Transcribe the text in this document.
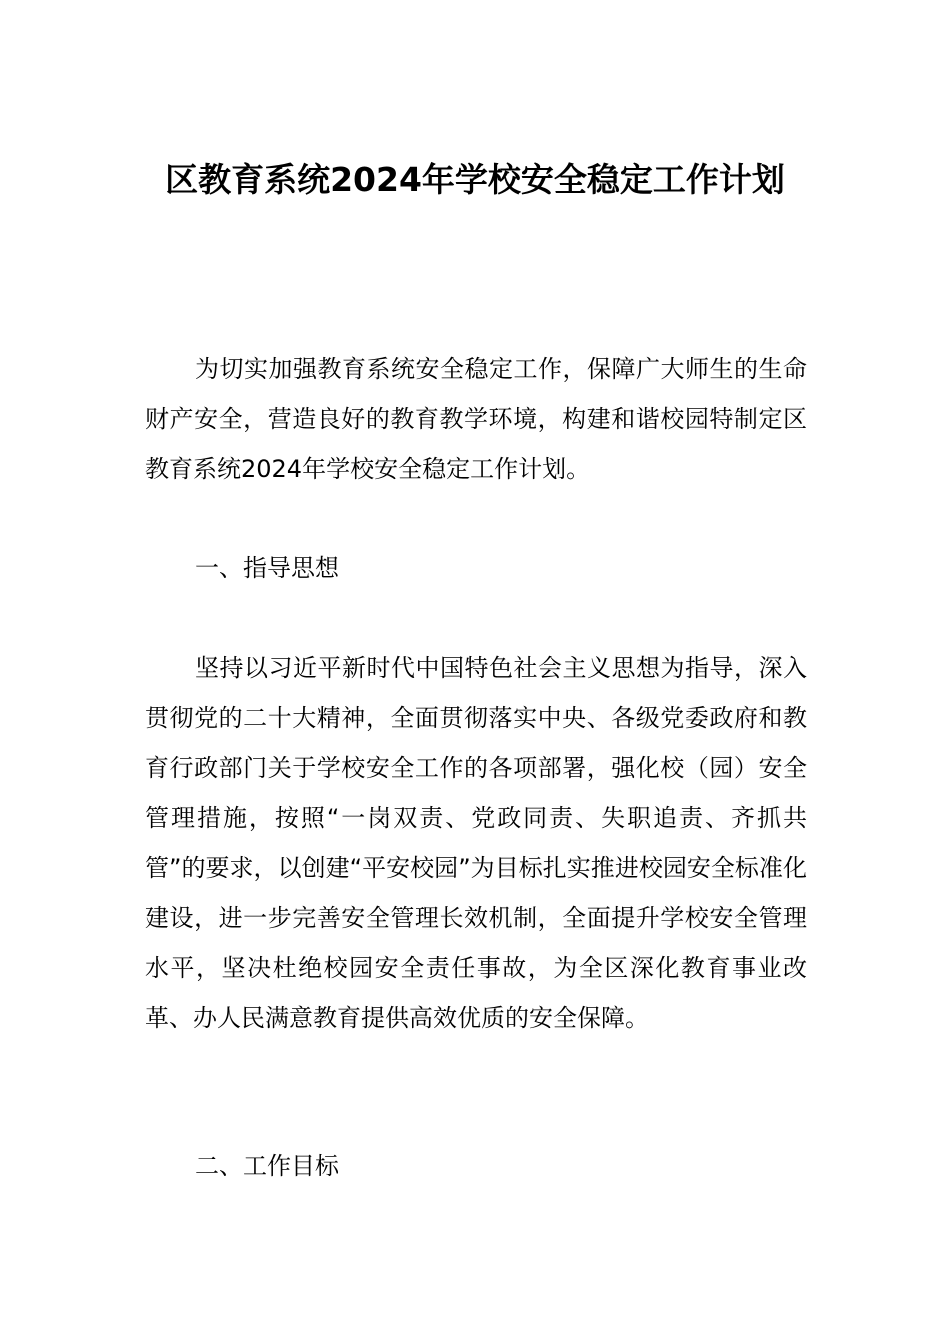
区教育系统2024年学校安全稳定工作计划

为切实加强教育系统安全稳定工作，保障广大师生的生命财产安全，营造良好的教育教学环境，构建和谐校园特制定区教育系统2024年学校安全稳定工作计划。

一、指导思想

坚持以习近平新时代中国特色社会主义思想为指导，深入贯彻党的二十大精神，全面贯彻落实中央、各级党委政府和教育行政部门关于学校安全工作的各项部署，强化校（园）安全管理措施，按照“一岗双责、党政同责、失职追责、齐抓共管”的要求，以创建“平安校园”为目标扎实推进校园安全标准化建设，进一步完善安全管理长效机制，全面提升学校安全管理水平，坚决杜绝校园安全责任事故，为全区深化教育事业改革、办人民满意教育提供高效优质的安全保障。

二、工作目标
